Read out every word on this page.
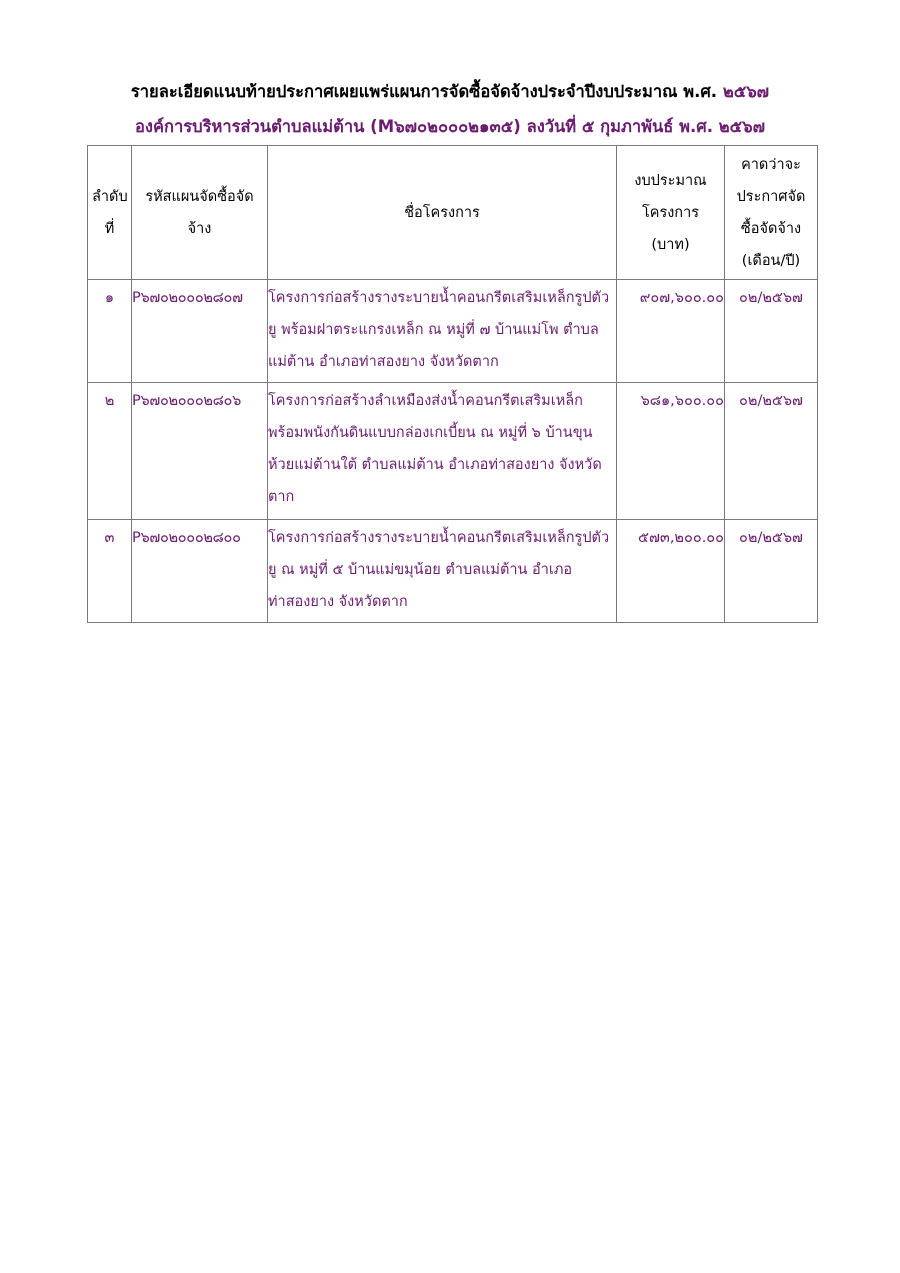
รายละเอียดแนบท้ายประกาศเผยแพร่แผนการจัดซื้อจัดจ้างประจำปีงบประมาณ พ.ศ. ๒๕๖๗
องค์การบริหารส่วนตำบลแม่ต้าน (M๖๗๐๒๐๐๐๒๑๓๕) ลงวันที่ ๕ กุมภาพันธ์ พ.ศ. ๒๕๖๗
ลำดับที่	รหัสแผนจัดซื้อจัดจ้าง	ชื่อโครงการ	งบประมาณโครงการ (บาท)	คาดว่าจะประกาศจัดซื้อจัดจ้าง (เดือน/ปี)
๑	P๖๗๐๒๐๐๐๒๘๐๗	โครงการก่อสร้างรางระบายน้ำคอนกรีตเสริมเหล็กรูปตัวยู พร้อมฝาตระแกรงเหล็ก ณ หมู่ที่ ๗ บ้านแม่โพ ตำบลแม่ต้าน อำเภอท่าสองยาง จังหวัดตาก	๙๐๗,๖๐๐.๐๐	๐๒/๒๕๖๗
๒	P๖๗๐๒๐๐๐๒๘๐๖	โครงการก่อสร้างลำเหมืองส่งน้ำคอนกรีตเสริมเหล็ก พร้อมพนังกันดินแบบกล่องเกเบี้ยน ณ หมู่ที่ ๖ บ้านขุนห้วยแม่ต้านใต้ ตำบลแม่ต้าน อำเภอท่าสองยาง จังหวัดตาก	๖๘๑,๖๐๐.๐๐	๐๒/๒๕๖๗
๓	P๖๗๐๒๐๐๐๒๘๐๐	โครงการก่อสร้างรางระบายน้ำคอนกรีตเสริมเหล็กรูปตัวยู ณ หมู่ที่ ๕ บ้านแม่ขมุน้อย ตำบลแม่ต้าน อำเภอท่าสองยาง จังหวัดตาก	๕๗๓,๒๐๐.๐๐	๐๒/๒๕๖๗
